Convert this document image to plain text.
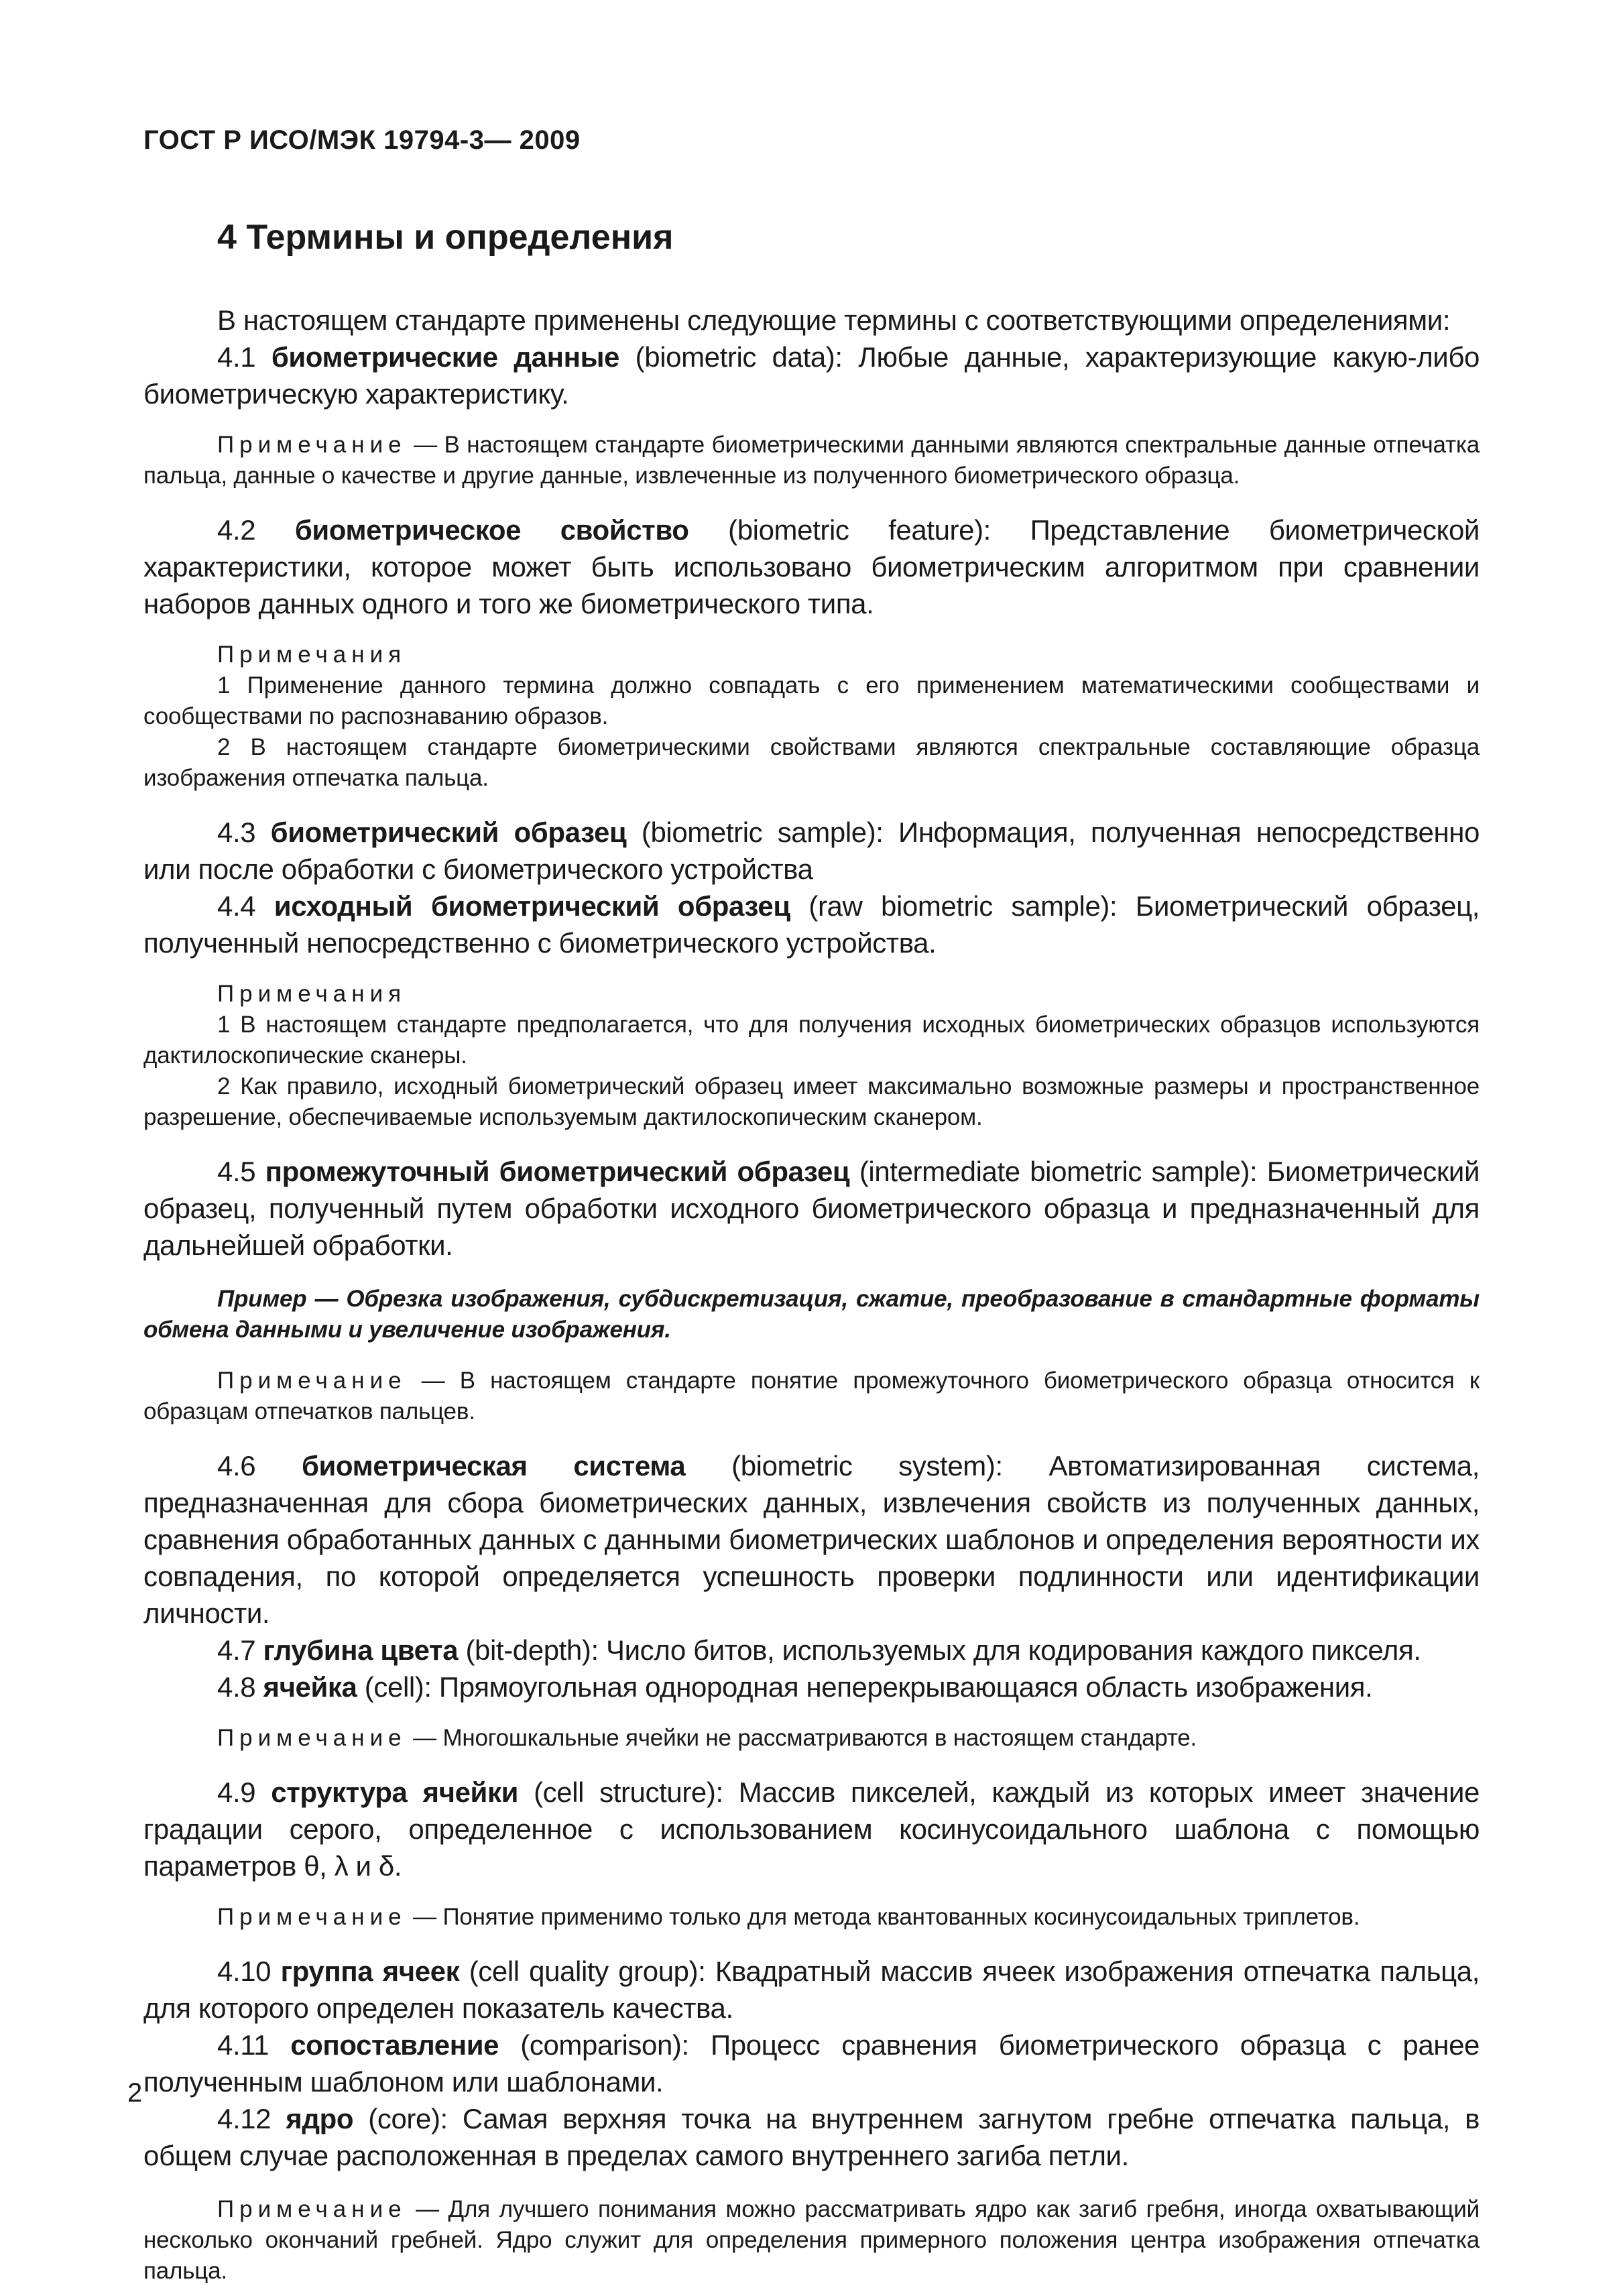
ГОСТ Р ИСО/МЭК 19794-3— 2009
4 Термины и определения

В настоящем стандарте применены следующие термины с соответствующими определениями:

4.1 биометрические данные (biometric data): Любые данные, характеризующие какую-либо биометрическую характеристику.

Примечание — В настоящем стандарте биометрическими данными являются спектральные данные отпечатка пальца, данные о качестве и другие данные, извлеченные из полученного биометрического образца.

4.2 биометрическое свойство (biometric feature): Представление биометрической характеристики, которое может быть использовано биометрическим алгоритмом при сравнении наборов данных одного и того же биометрического типа.

Примечания

1 Применение данного термина должно совпадать с его применением математическими сообществами и сообществами по распознаванию образов.

2 В настоящем стандарте биометрическими свойствами являются спектральные составляющие образца изображения отпечатка пальца.

4.3 биометрический образец (biometric sample): Информация, полученная непосредственно или после обработки с биометрического устройства

4.4 исходный биометрический образец (raw biometric sample): Биометрический образец, полученный непосредственно с биометрического устройства.

Примечания

1 В настоящем стандарте предполагается, что для получения исходных биометрических образцов используются дактилоскопические сканеры.

2 Как правило, исходный биометрический образец имеет максимально возможные размеры и пространственное разрешение, обеспечиваемые используемым дактилоскопическим сканером.

4.5 промежуточный биометрический образец (intermediate biometric sample): Биометрический образец, полученный путем обработки исходного биометрического образца и предназначенный для дальнейшей обработки.

Пример — Обрезка изображения, субдискретизация, сжатие, преобразование в стандартные форматы обмена данными и увеличение изображения.

Примечание — В настоящем стандарте понятие промежуточного биометрического образца относится к образцам отпечатков пальцев.

4.6 биометрическая система (biometric system): Автоматизированная система, предназначенная для сбора биометрических данных, извлечения свойств из полученных данных, сравнения обработанных данных с данными биометрических шаблонов и определения вероятности их совпадения, по которой определяется успешность проверки подлинности или идентификации личности.

4.7 глубина цвета (bit-depth): Число битов, используемых для кодирования каждого пикселя.

4.8 ячейка (cell): Прямоугольная однородная неперекрывающаяся область изображения.

Примечание — Многошкальные ячейки не рассматриваются в настоящем стандарте.

4.9 структура ячейки (cell structure): Массив пикселей, каждый из которых имеет значение градации серого, определенное с использованием косинусоидального шаблона с помощью параметров θ, λ и δ.

Примечание — Понятие применимо только для метода квантованных косинусоидальных триплетов.

4.10 группа ячеек (cell quality group): Квадратный массив ячеек изображения отпечатка пальца, для которого определен показатель качества.

4.11 сопоставление (comparison): Процесс сравнения биометрического образца с ранее полученным шаблоном или шаблонами.

4.12 ядро (core): Самая верхняя точка на внутреннем загнутом гребне отпечатка пальца, в общем случае расположенная в пределах самого внутреннего загиба петли.

Примечание — Для лучшего понимания можно рассматривать ядро как загиб гребня, иногда охватывающий несколько окончаний гребней. Ядро служит для определения примерного положения центра изображения отпечатка пальца.

2
